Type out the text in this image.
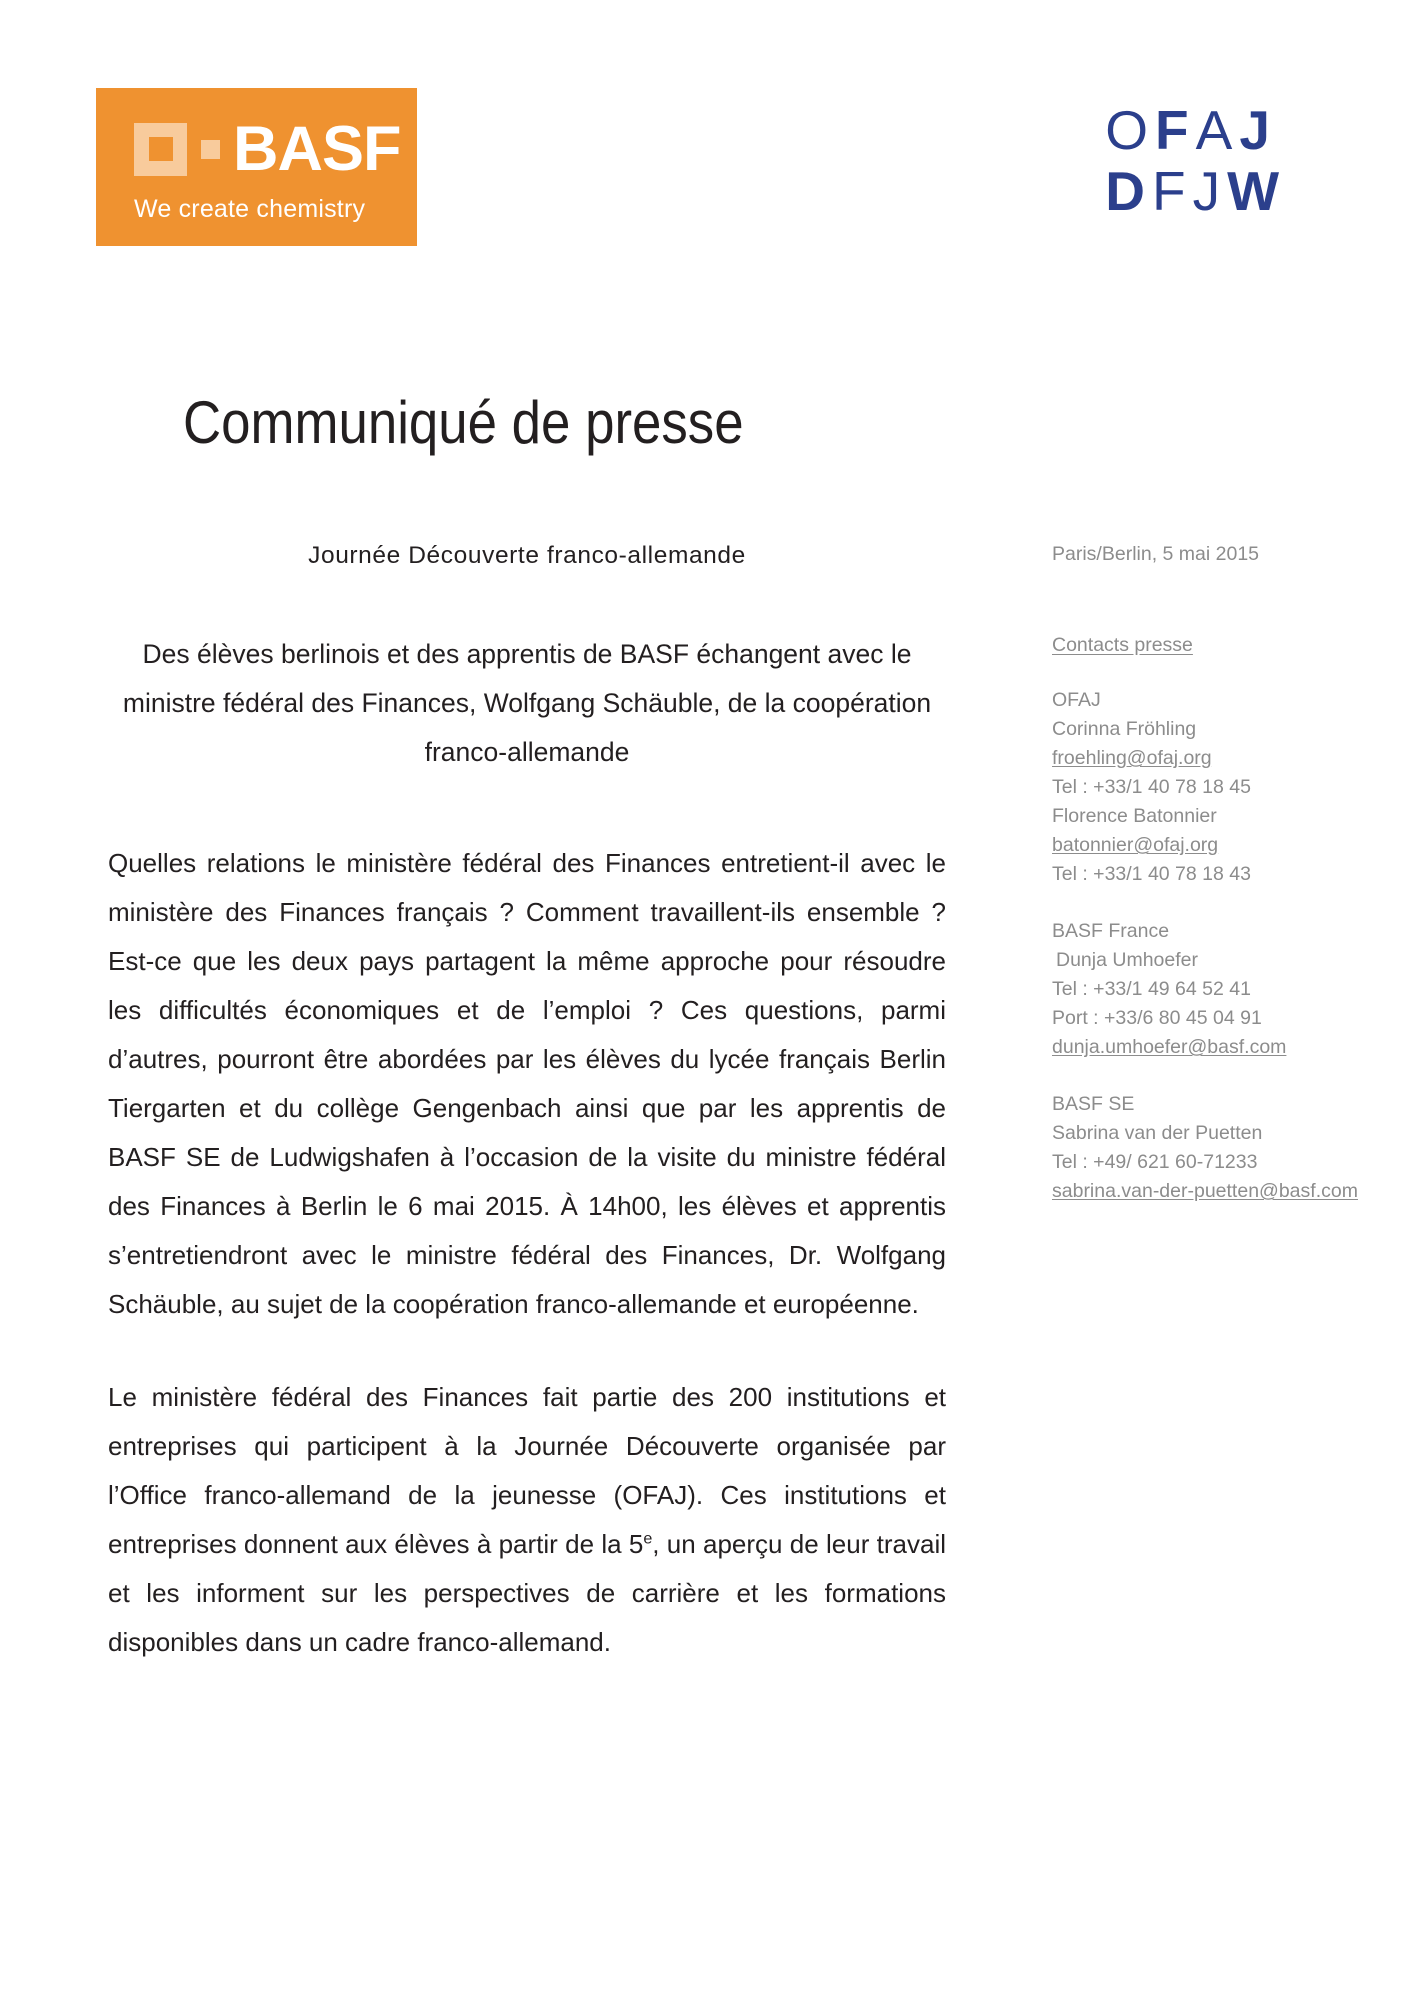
BASF
We create chemistry
OFAJ
DFJW
Communiqué de presse
Journée Découverte franco-allemande
Des élèves berlinois et des apprentis de BASF échangent avec le ministre fédéral des Finances, Wolfgang Schäuble, de la coopération franco-allemande

Quelles relations le ministère fédéral des Finances entretient-il avec le ministère des Finances français ? Comment travaillent-ils ensemble ? Est-ce que les deux pays partagent la même approche pour résoudre les difficultés économiques et de l’emploi ? Ces questions, parmi d’autres, pourront être abordées par les élèves du lycée français Berlin Tiergarten et du collège Gengenbach ainsi que par les apprentis de BASF SE de Ludwigshafen à l’occasion de la visite du ministre fédéral des Finances à Berlin le 6 mai 2015. À 14h00, les élèves et apprentis s’entretiendront avec le ministre fédéral des Finances, Dr. Wolfgang Schäuble, au sujet de la coopération franco-allemande et européenne.

Le ministère fédéral des Finances fait partie des 200 institutions et entreprises qui participent à la Journée Découverte organisée par l’Office franco-allemand de la jeunesse (OFAJ). Ces institutions et entreprises donnent aux élèves à partir de la 5e, un aperçu de leur travail et les informent sur les perspectives de carrière et les formations disponibles dans un cadre franco-allemand.

Paris/Berlin, 5 mai 2015
Contacts presse
OFAJ
Corinna Fröhling
froehling@ofaj.org
Tel : +33/1 40 78 18 45
Florence Batonnier
batonnier@ofaj.org
Tel : +33/1 40 78 18 43
BASF France
Dunja Umhoefer
Tel : +33/1 49 64 52 41
Port : +33/6 80 45 04 91
dunja.umhoefer@basf.com
BASF SE
Sabrina van der Puetten
Tel : +49/ 621 60-71233
sabrina.van-der-puetten@basf.com
